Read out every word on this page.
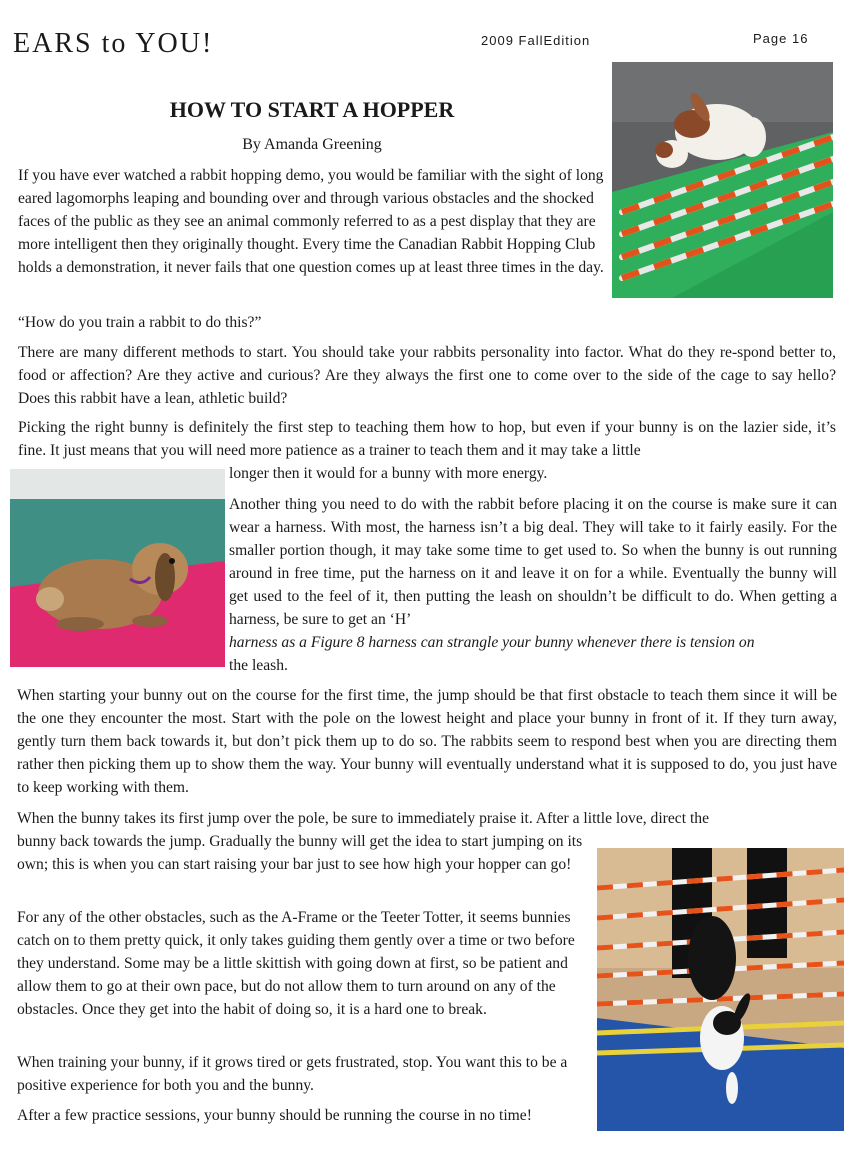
EARS to YOU!	2009 FallEdition	Page 16
HOW TO START A HOPPER
By Amanda Greening

If you have ever watched a rabbit hopping demo, you would be familiar with the sight of long eared lagomorphs leaping and bounding over and through various obstacles and the shocked faces of the public as they see an animal commonly referred to as a pest display that they are more intelligent then they originally thought. Every time the Canadian Rabbit Hopping Club holds a demonstration, it never fails that one question comes up at least three times in the day.

“How do you train a rabbit to do this?”

There are many different methods to start. You should take your rabbits personality into factor. What do they re-spond better to, food or affection? Are they active and curious? Are they always the first one to come over to the side of the cage to say hello? Does this rabbit have a lean, athletic build?

Picking the right bunny is definitely the first step to teaching them how to hop, but even if your bunny is on the lazier side, it’s fine. It just means that you will need more patience as a trainer to teach them and it may take a little

longer then it would for a bunny with more energy.

Another thing you need to do with the rabbit before placing it on the course is make sure it can wear a harness. With most, the harness isn’t a big deal. They will take to it fairly easily. For the smaller portion though, it may take some time to get used to. So when the bunny is out running around in free time, put the harness on it and leave it on for a while. Eventually the bunny will get used to the feel of it, then putting the leash on shouldn’t be difficult to do. When getting a harness, be sure to get an ‘H’

harness as a Figure 8 harness can strangle your bunny whenever there is tension on

the leash.

When starting your bunny out on the course for the first time, the jump should be that first obstacle to teach them since it will be the one they encounter the most. Start with the pole on the lowest height and place your bunny in front of it. If they turn away, gently turn them back towards it, but don’t pick them up to do so. The rabbits seem to respond best when you are directing them rather then picking them up to show them the way. Your bunny will eventually understand what it is supposed to do, you just have to keep working with them.

When the bunny takes its first jump over the pole, be sure to immediately praise it. After a little love, direct the

bunny back towards the jump. Gradually the bunny will get the idea to start jumping on its own; this is when you can start raising your bar just to see how high your hopper can go!

For any of the other obstacles, such as the A-Frame or the Teeter Totter, it seems bunnies catch on to them pretty quick, it only takes guiding them gently over a time or two before they understand. Some may be a little skittish with going down at first, so be patient and allow them to go at their own pace, but do not allow them to turn around on any of the obstacles. Once they get into the habit of doing so, it is a hard one to break.

When training your bunny, if it grows tired or gets frustrated, stop. You want this to be a positive experience for both you and the bunny.

After a few practice sessions, your bunny should be running the course in no time!
